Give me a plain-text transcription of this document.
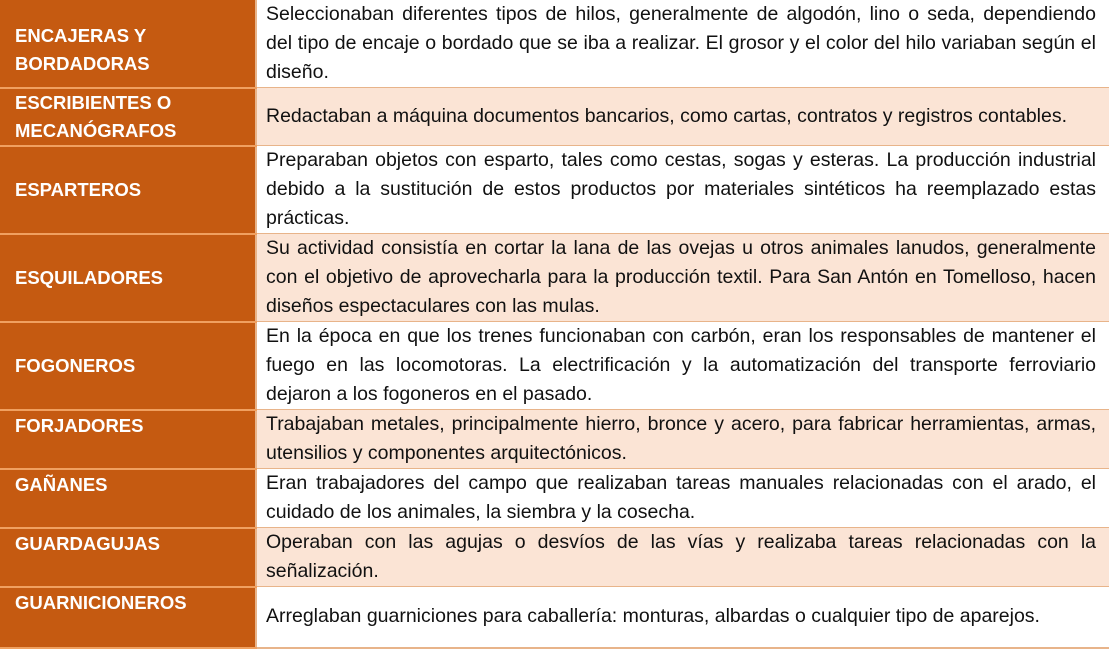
ENCAJERAS Y BORDADORAS	Seleccionaban diferentes tipos de hilos, generalmente de algodón, lino o seda, dependiendo del tipo de encaje o bordado que se iba a realizar. El grosor y el color del hilo variaban según el diseño.
ESCRIBIENTES O MECANÓGRAFOS	Redactaban a máquina documentos bancarios, como cartas, contratos y registros contables.
ESPARTEROS	Preparaban objetos con esparto, tales como cestas, sogas y esteras. La producción industrial debido a la sustitución de estos productos por materiales sintéticos ha reemplazado estas prácticas.
ESQUILADORES	Su actividad consistía en cortar la lana de las ovejas u otros animales lanudos, generalmente con el objetivo de aprovecharla para la producción textil. Para San Antón en Tomelloso, hacen diseños espectaculares con las mulas.
FOGONEROS	En la época en que los trenes funcionaban con carbón, eran los responsables de mantener el fuego en las locomotoras. La electrificación y la automatización del transporte ferroviario dejaron a los fogoneros en el pasado.
FORJADORES	Trabajaban metales, principalmente hierro, bronce y acero, para fabricar herramientas, armas, utensilios y componentes arquitectónicos.
GAÑANES	Eran trabajadores del campo que realizaban tareas manuales relacionadas con el arado, el cuidado de los animales, la siembra y la cosecha.
GUARDAGUJAS	Operaban con las agujas o desvíos de las vías y realizaba tareas relacionadas con la señalización.
GUARNICIONEROS	Arreglaban guarniciones para caballería: monturas, albardas o cualquier tipo de aparejos.
